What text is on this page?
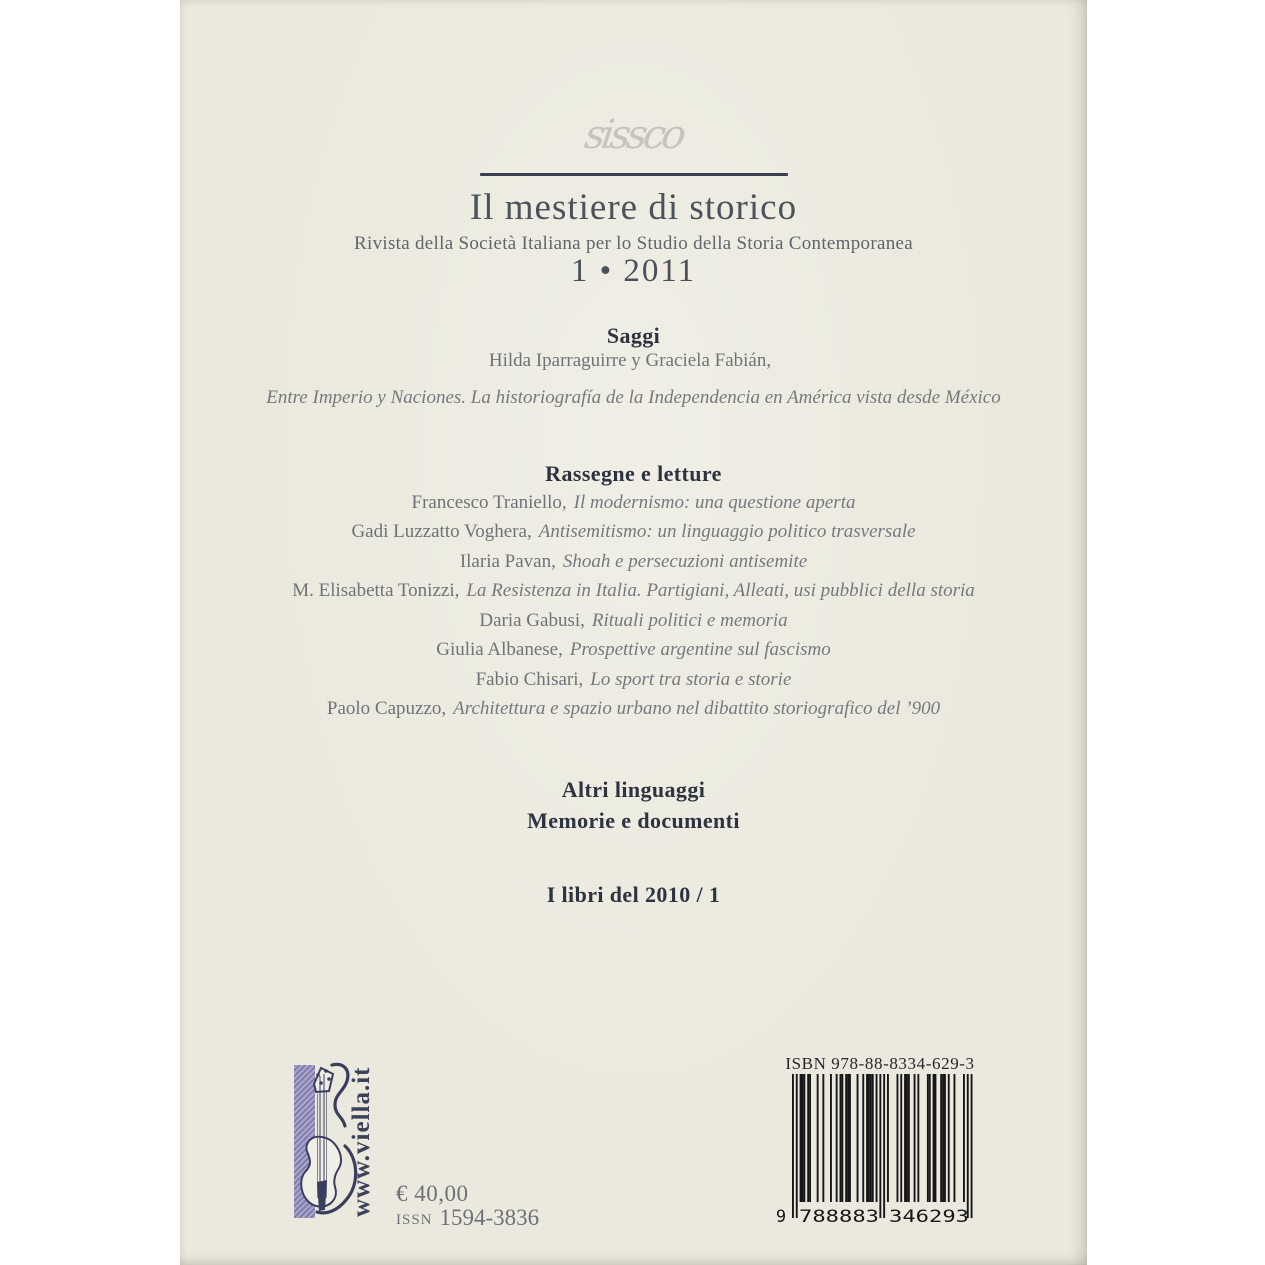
sissco
Il mestiere di storico
Rivista della Società Italiana per lo Studio della Storia Contemporanea
1 • 2011
Saggi
Hilda Iparraguirre y Graciela Fabián,
Entre Imperio y Naciones. La historiografía de la Independencia en América vista desde México
Rassegne e letture
Francesco Traniello, Il modernismo: una questione aperta
Gadi Luzzatto Voghera, Antisemitismo: un linguaggio politico trasversale
Ilaria Pavan, Shoah e persecuzioni antisemite
M. Elisabetta Tonizzi, La Resistenza in Italia. Partigiani, Alleati, usi pubblici della storia
Daria Gabusi, Rituali politici e memoria
Giulia Albanese, Prospettive argentine sul fascismo
Fabio Chisari, Lo sport tra storia e storie
Paolo Capuzzo, Architettura e spazio urbano nel dibattito storiografico del ’900
Altri linguaggi
Memorie e documenti
I libri del 2010 / 1
www.viella.it € 40,00
ISSN 1594-3836
ISBN 978-88-8334-629-3
9 788883 346293
